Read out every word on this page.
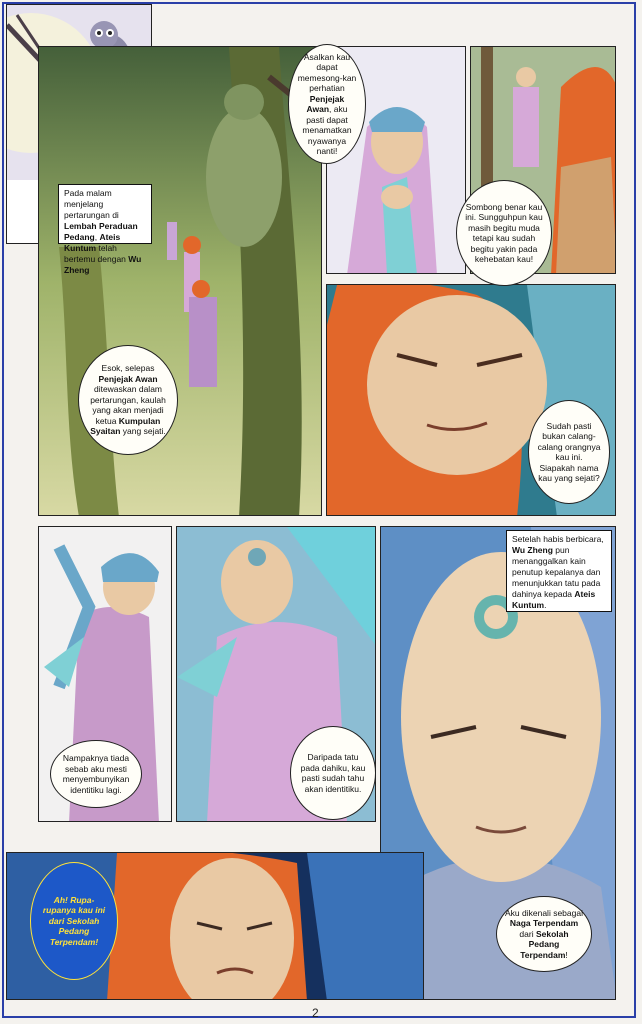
Pada malam menjelang pertarungan di Lembah Peraduan Pedang, Ateis Kuntum telah bertemu dengan Wu Zheng
Setelah habis berbicara, Wu Zheng pun menanggalkan kain penutup kepalanya dan menunjukkan tatu pada dahinya kepada Ateis Kuntum.
Esok, selepas Penjejak Awan ditewaskan dalam pertarungan, kaulah yang akan menjadi ketua Kumpulan Syaitan yang sejati.
Asalkan kau dapat memesong-kan perhatian Penjejak Awan, aku pasti dapat menamatkan nyawanya nanti!
Sombong benar kau ini. Sungguhpun kau masih begitu muda tetapi kau sudah begitu yakin pada kehebatan kau!
Sudah pasti bukan calang-calang orangnya kau ini. Siapakah nama kau yang sejati?
Nampaknya tiada sebab aku mesti menyembunyikan identitiku lagi.
Daripada tatu pada dahiku, kau pasti sudah tahu akan identitiku.
Aku dikenali sebagai Naga Terpendam dari Sekolah Pedang Terpendam!
Ah! Rupa-rupanya kau ini dari Sekolah Pedang Terpendam!
2
